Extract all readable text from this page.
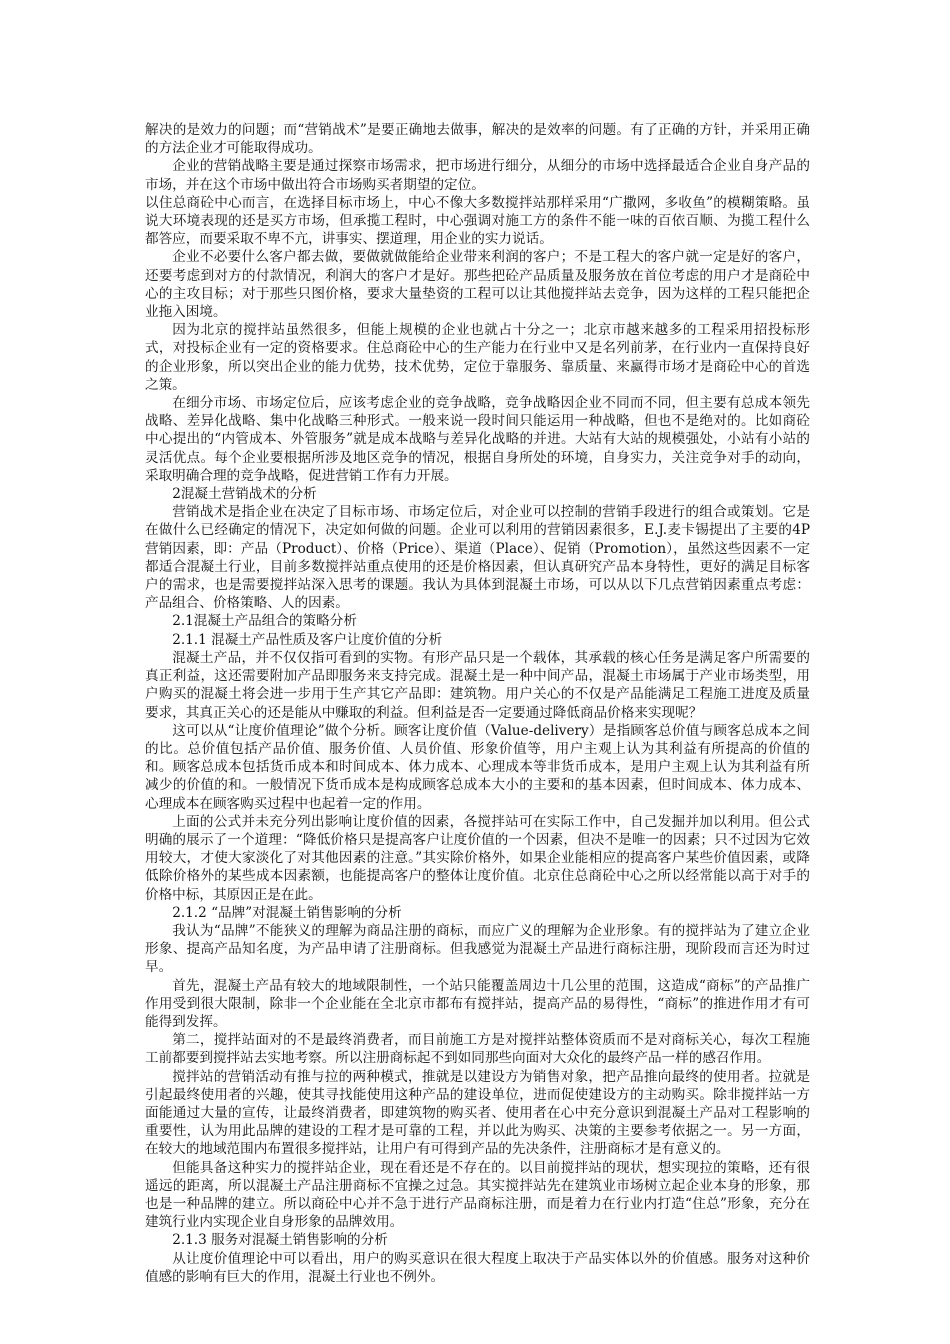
解决的是效力的问题；而“营销战术”是要正确地去做事，解决的是效率的问题。有了正确的方针，并采用正确的方法企业才可能取得成功。

企业的营销战略主要是通过探察市场需求，把市场进行细分，从细分的市场中选择最适合企业自身产品的市场，并在这个市场中做出符合市场购买者期望的定位。

以住总商砼中心而言，在选择目标市场上，中心不像大多数搅拌站那样采用“广撒网，多收鱼”的模糊策略。虽说大环境表现的还是买方市场，但承揽工程时，中心强调对施工方的条件不能一味的百依百顺、为揽工程什么都答应，而要采取不卑不亢，讲事实、摆道理，用企业的实力说话。

企业不必要什么客户都去做，要做就做能给企业带来利润的客户；不是工程大的客户就一定是好的客户，还要考虑到对方的付款情况，利润大的客户才是好。那些把砼产品质量及服务放在首位考虑的用户才是商砼中心的主攻目标；对于那些只图价格，要求大量垫资的工程可以让其他搅拌站去竞争，因为这样的工程只能把企业拖入困境。

因为北京的搅拌站虽然很多，但能上规模的企业也就占十分之一；北京市越来越多的工程采用招投标形式，对投标企业有一定的资格要求。住总商砼中心的生产能力在行业中又是名列前茅，在行业内一直保持良好的企业形象，所以突出企业的能力优势，技术优势，定位于靠服务、靠质量、来赢得市场才是商砼中心的首选之策。

在细分市场、市场定位后，应该考虑企业的竞争战略，竞争战略因企业不同而不同，但主要有总成本领先战略、差异化战略、集中化战略三种形式。一般来说一段时间只能运用一种战略，但也不是绝对的。比如商砼中心提出的“内管成本、外管服务”就是成本战略与差异化战略的并进。大站有大站的规模强处，小站有小站的灵活优点。每个企业要根据所涉及地区竞争的情况，根据自身所处的环境，自身实力，关注竞争对手的动向，采取明确合理的竞争战略，促进营销工作有力开展。

2混凝土营销战术的分析

营销战术是指企业在决定了目标市场、市场定位后，对企业可以控制的营销手段进行的组合或策划。它是在做什么已经确定的情况下，决定如何做的问题。企业可以利用的营销因素很多，E.J.麦卡锡提出了主要的4P营销因素，即：产品（Product）、价格（Price）、渠道（Place）、促销（Promotion），虽然这些因素不一定都适合混凝土行业，目前多数搅拌站重点使用的还是价格因素，但认真研究产品本身特性，更好的满足目标客户的需求，也是需要搅拌站深入思考的课题。我认为具体到混凝土市场，可以从以下几点营销因素重点考虑：产品组合、价格策略、人的因素。

2.1混凝土产品组合的策略分析

2.1.1 混凝土产品性质及客户让度价值的分析

混凝土产品，并不仅仅指可看到的实物。有形产品只是一个载体，其承载的核心任务是满足客户所需要的真正利益，这还需要附加产品即服务来支持完成。混凝土是一种中间产品，混凝土市场属于产业市场类型，用户购买的混凝土将会进一步用于生产其它产品即：建筑物。用户关心的不仅是产品能满足工程施工进度及质量要求，其真正关心的还是能从中赚取的利益。但利益是否一定要通过降低商品价格来实现呢？

这可以从“让度价值理论”做个分析。顾客让度价值（Value-delivery）是指顾客总价值与顾客总成本之间的比。总价值包括产品价值、服务价值、人员价值、形象价值等，用户主观上认为其利益有所提高的价值的和。顾客总成本包括货币成本和时间成本、体力成本、心理成本等非货币成本，是用户主观上认为其利益有所减少的价值的和。一般情况下货币成本是构成顾客总成本大小的主要和的基本因素，但时间成本、体力成本、心理成本在顾客购买过程中也起着一定的作用。

上面的公式并未充分列出影响让度价值的因素，各搅拌站可在实际工作中，自己发掘并加以利用。但公式明确的展示了一个道理：“降低价格只是提高客户让度价值的一个因素，但决不是唯一的因素；只不过因为它效用较大，才使大家淡化了对其他因素的注意。”其实除价格外，如果企业能相应的提高客户某些价值因素，或降低除价格外的某些成本因素额，也能提高客户的整体让度价值。北京住总商砼中心之所以经常能以高于对手的价格中标，其原因正是在此。

2.1.2 “品牌”对混凝土销售影响的分析

我认为“品牌”不能狭义的理解为商品注册的商标，而应广义的理解为企业形象。有的搅拌站为了建立企业形象、提高产品知名度，为产品申请了注册商标。但我感觉为混凝土产品进行商标注册，现阶段而言还为时过早。

首先，混凝土产品有较大的地域限制性，一个站只能覆盖周边十几公里的范围，这造成“商标”的产品推广作用受到很大限制，除非一个企业能在全北京市都布有搅拌站，提高产品的易得性，“商标”的推进作用才有可能得到发挥。

第二，搅拌站面对的不是最终消费者，而目前施工方是对搅拌站整体资质而不是对商标关心，每次工程施工前都要到搅拌站去实地考察。所以注册商标起不到如同那些向面对大众化的最终产品一样的感召作用。

搅拌站的营销活动有推与拉的两种模式，推就是以建设方为销售对象，把产品推向最终的使用者。拉就是引起最终使用者的兴趣，使其寻找能使用这种产品的建设单位，进而促使建设方的主动购买。除非搅拌站一方面能通过大量的宣传，让最终消费者，即建筑物的购买者、使用者在心中充分意识到混凝土产品对工程影响的重要性，认为用此品牌的建设的工程才是可靠的工程，并以此为购买、决策的主要参考依据之一。另一方面，在较大的地域范围内布置很多搅拌站，让用户有可得到产品的先决条件，注册商标才是有意义的。

但能具备这种实力的搅拌站企业，现在看还是不存在的。以目前搅拌站的现状，想实现拉的策略，还有很遥远的距离，所以混凝土产品注册商标不宜操之过急。其实搅拌站先在建筑业市场树立起企业本身的形象，那也是一种品牌的建立。所以商砼中心并不急于进行产品商标注册，而是着力在行业内打造“住总”形象，充分在建筑行业内实现企业自身形象的品牌效用。

2.1.3 服务对混凝土销售影响的分析

从让度价值理论中可以看出，用户的购买意识在很大程度上取决于产品实体以外的价值感。服务对这种价值感的影响有巨大的作用，混凝土行业也不例外。
